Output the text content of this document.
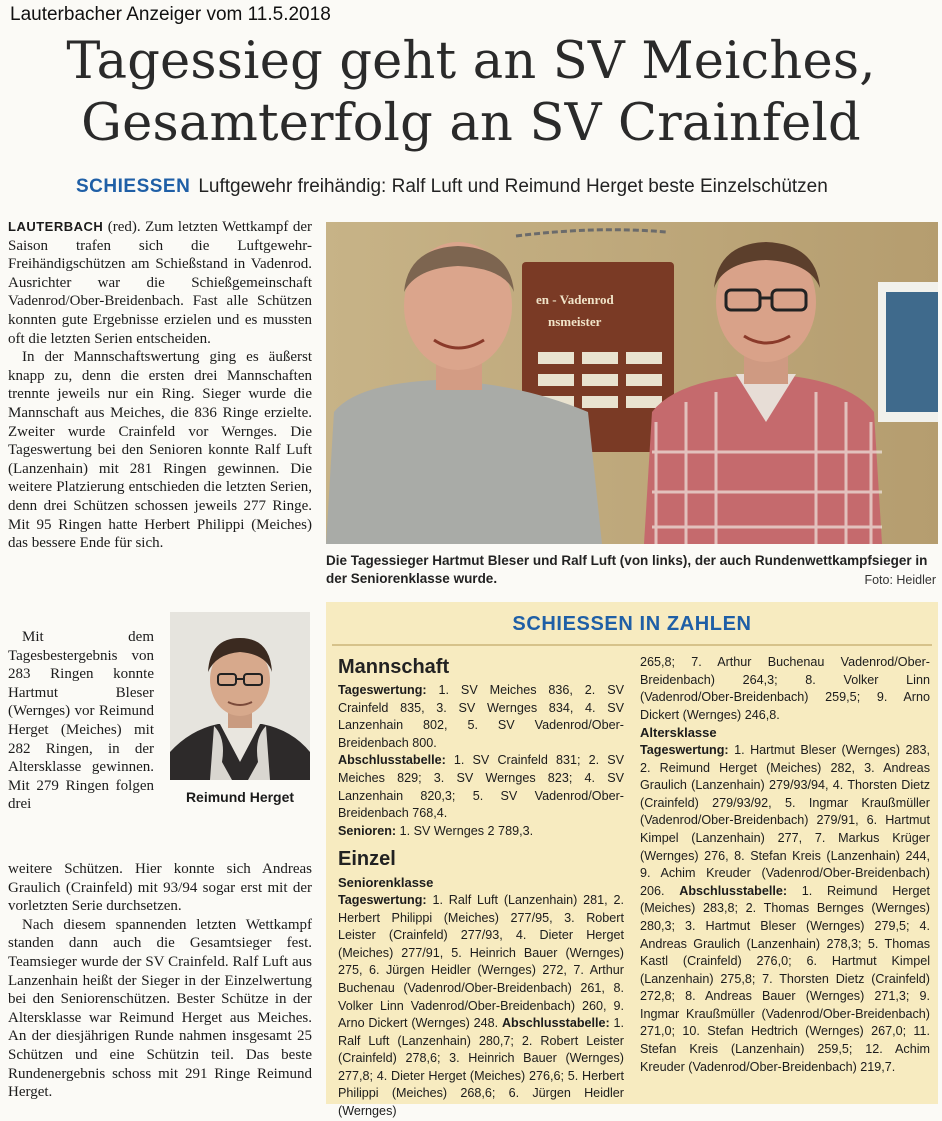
Lauterbacher Anzeiger vom 11.5.2018
Tagessieg geht an SV Meiches,
Gesamterfolg an SV Crainfeld
SCHIESSEN Luftgewehr freihändig: Ralf Luft und Reimund Herget beste Einzelschützen

LAUTERBACH (red). Zum letzten Wettkampf der Saison trafen sich die Luftgewehr-Freihändigschützen am Schießstand in Vadenrod. Ausrichter war die Schießgemeinschaft Vadenrod/Ober-Breidenbach. Fast alle Schützen konnten gute Ergebnisse erzielen und es mussten oft die letzten Serien entscheiden.

In der Mannschaftswertung ging es äußerst knapp zu, denn die ersten drei Mannschaften trennte jeweils nur ein Ring. Sieger wurde die Mannschaft aus Meiches, die 836 Ringe erzielte. Zweiter wurde Crainfeld vor Wernges. Die Tageswertung bei den Senioren konnte Ralf Luft (Lanzenhain) mit 281 Ringen gewinnen. Die weitere Platzierung entschieden die letzten Serien, denn drei Schützen schossen jeweils 277 Ringe. Mit 95 Ringen hatte Herbert Philippi (Meiches) das bessere Ende für sich.

Mit dem Tagesbestergebnis von 283 Ringen konnte Hartmut Bleser (Wernges) vor Reimund Herget (Meiches) mit 282 Ringen, in der Altersklasse gewinnen. Mit 279 Ringen folgen drei

weitere Schützen. Hier konnte sich Andreas Graulich (Crainfeld) mit 93/94 sogar erst mit der vorletzten Serie durchsetzen.

Nach diesem spannenden letzten Wettkampf standen dann auch die Gesamtsieger fest. Teamsieger wurde der SV Crainfeld. Ralf Luft aus Lanzenhain heißt der Sieger in der Einzelwertung bei den Seniorenschützen. Bester Schütze in der Altersklasse war Reimund Herget aus Meiches. An der diesjährigen Runde nahmen insgesamt 25 Schützen und eine Schützin teil. Das beste Rundenergebnis schoss mit 291 Ringe Reimund Herget.

Reimund Herget
en - Vadenrod
nsmeister
Die Tagessieger Hartmut Bleser und Ralf Luft (von links), der auch Rundenwettkampfsieger in der Seniorenklasse wurde.	Foto: Heidler
SCHIESSEN IN ZAHLEN
Mannschaft

Tageswertung: 1. SV Meiches 836, 2. SV Crainfeld 835, 3. SV Wernges 834, 4. SV Lanzenhain 802, 5. SV Vadenrod/Ober-Breidenbach 800.

Abschlusstabelle: 1. SV Crainfeld 831; 2. SV Meiches 829; 3. SV Wernges 823; 4. SV Lanzenhain 820,3; 5. SV Vadenrod/Ober-Breidenbach 768,4.

Senioren: 1. SV Wernges 2 789,3.

Einzel
Seniorenklasse

Tageswertung: 1. Ralf Luft (Lanzenhain) 281, 2. Herbert Philippi (Meiches) 277/95, 3. Robert Leister (Crainfeld) 277/93, 4. Dieter Herget (Meiches) 277/91, 5. Heinrich Bauer (Wernges) 275, 6. Jürgen Heidler (Wernges) 272, 7. Arthur Buchenau (Vadenrod/Ober-Breidenbach) 261, 8. Volker Linn Vadenrod/Ober-Breidenbach) 260, 9. Arno Dickert (Wernges) 248. Abschlusstabelle: 1. Ralf Luft (Lanzenhain) 280,7; 2. Robert Leister (Crainfeld) 278,6; 3. Heinrich Bauer (Wernges) 277,8; 4. Dieter Herget (Meiches) 276,6; 5. Herbert Philippi (Meiches) 268,6; 6. Jürgen Heidler (Wernges)

265,8; 7. Arthur Buchenau Vadenrod/Ober-Breidenbach) 264,3; 8. Volker Linn (Vadenrod/Ober-Breidenbach) 259,5; 9. Arno Dickert (Wernges) 246,8.

Altersklasse

Tageswertung: 1. Hartmut Bleser (Wernges) 283, 2. Reimund Herget (Meiches) 282, 3. Andreas Graulich (Lanzenhain) 279/93/94, 4. Thorsten Dietz (Crainfeld) 279/93/92, 5. Ingmar Kraußmüller (Vadenrod/Ober-Breidenbach) 279/91, 6. Hartmut Kimpel (Lanzenhain) 277, 7. Markus Krüger (Wernges) 276, 8. Stefan Kreis (Lanzenhain) 244, 9. Achim Kreuder (Vadenrod/Ober-Breidenbach) 206. Abschlusstabelle: 1. Reimund Herget (Meiches) 283,8; 2. Thomas Bernges (Wernges) 280,3; 3. Hartmut Bleser (Wernges) 279,5; 4. Andreas Graulich (Lanzenhain) 278,3; 5. Thomas Kastl (Crainfeld) 276,0; 6. Hartmut Kimpel (Lanzenhain) 275,8; 7. Thorsten Dietz (Crainfeld) 272,8; 8. Andreas Bauer (Wernges) 271,3; 9. Ingmar Kraußmüller (Vadenrod/Ober-Breidenbach) 271,0; 10. Stefan Hedtrich (Wernges) 267,0; 11. Stefan Kreis (Lanzenhain) 259,5; 12. Achim Kreuder (Vadenrod/Ober-Breidenbach) 219,7.
